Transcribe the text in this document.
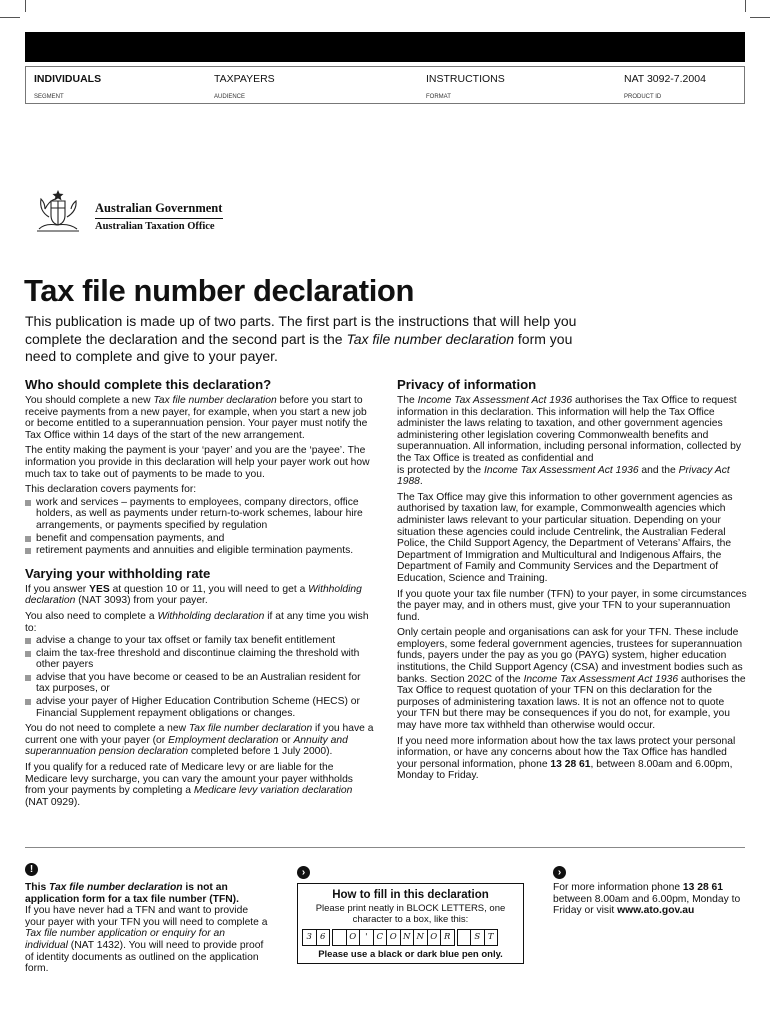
INDIVIDUALS
SEGMENT
TAXPAYERS
AUDIENCE
INSTRUCTIONS
FORMAT
NAT 3092-7.2004
PRODUCT ID
Australian Government
Australian Taxation Office
Tax file number declaration

This publication is made up of two parts. The first part is the instructions that will help you complete the declaration and the second part is the Tax file number declaration form you need to complete and give to your payer.

Who should complete this declaration?

You should complete a new Tax file number declaration before you start to receive payments from a new payer, for example, when you start a new job or become entitled to a superannuation pension. Your payer must notify the Tax Office within 14 days of the start of the new arrangement.

The entity making the payment is your ‘payer’ and you are the ‘payee’. The information you provide in this declaration will help your payer work out how much tax to take out of payments to be made to you.

This declaration covers payments for:

work and services – payments to employees, company directors, office holders, as well as payments under return-to-work schemes, labour hire arrangements, or payments specified by regulation
benefit and compensation payments, and
retirement payments and annuities and eligible termination payments.
Varying your withholding rate

If you answer YES at question 10 or 11, you will need to get a Withholding declaration (NAT 3093) from your payer.

You also need to complete a Withholding declaration if at any time you wish to:

advise a change to your tax offset or family tax benefit entitlement
claim the tax-free threshold and discontinue claiming the threshold with other payers
advise that you have become or ceased to be an Australian resident for tax purposes, or
advise your payer of Higher Education Contribution Scheme (HECS) or Financial Supplement repayment obligations or changes.

You do not need to complete a new Tax file number declaration if you have a current one with your payer (or Employment declaration or Annuity and superannuation pension declaration completed before 1 July 2000).

If you qualify for a reduced rate of Medicare levy or are liable for the Medicare levy surcharge, you can vary the amount your payer withholds from your payments by completing a Medicare levy variation declaration (NAT 0929).

Privacy of information

The Income Tax Assessment Act 1936 authorises the Tax Office to request information in this declaration. This information will help the Tax Office administer the laws relating to taxation, and other government agencies administering other legislation covering Commonwealth benefits and superannuation. All information, including personal information, collected by the Tax Office is treated as confidential and
is protected by the Income Tax Assessment Act 1936 and the Privacy Act 1988.

The Tax Office may give this information to other government agencies as authorised by taxation law, for example, Commonwealth agencies which administer laws relevant to your particular situation. Depending on your situation these agencies could include Centrelink, the Australian Federal Police, the Child Support Agency, the Department of Veterans’ Affairs, the Department of Immigration and Multicultural and Indigenous Affairs, the Department of Family and Community Services and the Department of Education, Science and Training.

If you quote your tax file number (TFN) to your payer, in some circumstances the payer may, and in others must, give your TFN to your superannuation fund.

Only certain people and organisations can ask for your TFN. These include employers, some federal government agencies, trustees for superannuation funds, payers under the pay as you go (PAYG) system, higher education institutions, the Child Support Agency (CSA) and investment bodies such as banks. Section 202C of the Income Tax Assessment Act 1936 authorises the Tax Office to request quotation of your TFN on this declaration for the purposes of administering taxation laws. It is not an offence not to quote your TFN but there may be consequences if you do not, for example, you may have more tax withheld than otherwise would occur.

If you need more information about how the tax laws protect your personal information, or have any concerns about how the Tax Office has handled your personal information, phone 13 28 61, between 8.00am and 6.00pm, Monday to Friday.

!

This Tax file number declaration is not an application form for a tax file number (TFN).

If you have never had a TFN and want to provide your payer with your TFN you will need to complete a Tax file number application or enquiry for an individual (NAT 1432). You will need to provide proof of identity documents as outlined on the application form.

›
How to fill in this declaration
Please print neatly in BLOCK LETTERS, one character to a box, like this:
3 6	O	'	C O N N O R	S T
Please use a black or dark blue pen only.
›
For more information phone 13 28 61 between 8.00am and 6.00pm, Monday to Friday or visit www.ato.gov.au
